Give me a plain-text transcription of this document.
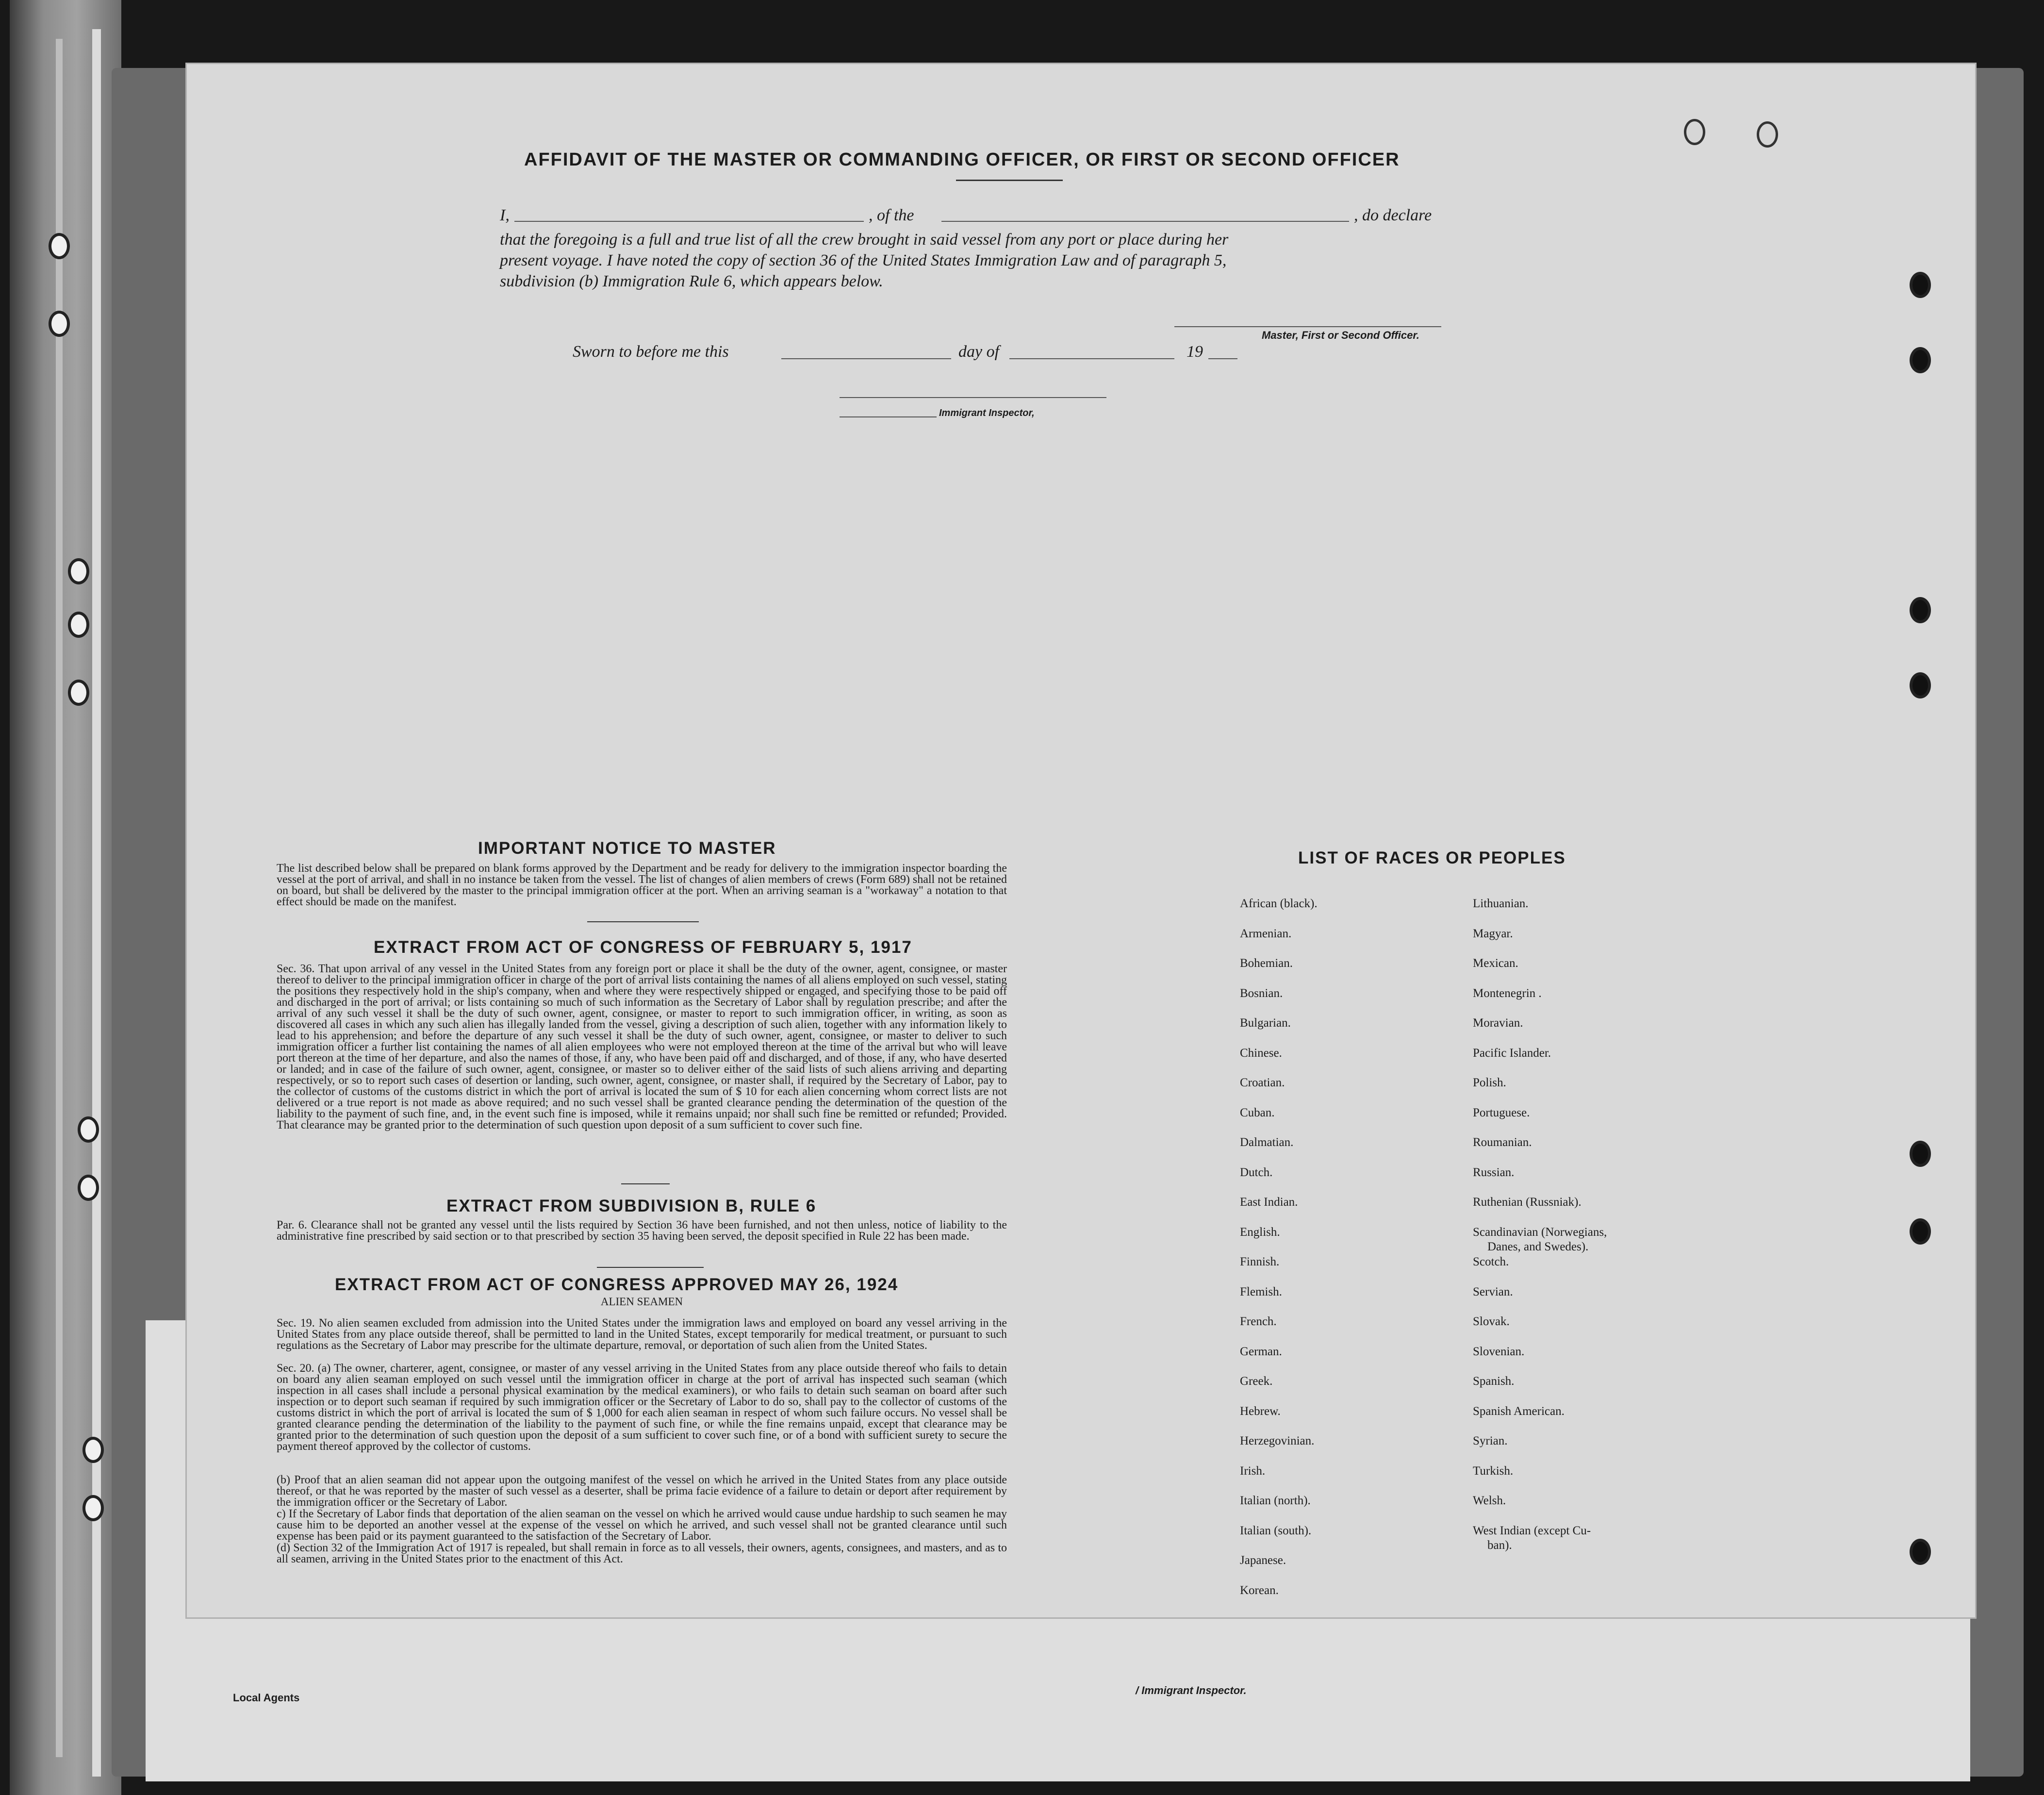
AFFIDAVIT OF THE MASTER OR COMMANDING OFFICER, OR FIRST OR SECOND OFFICER
I,	, of the	, do declare
that the foregoing is a full and true list of all the crew brought in said vessel from any port or place during her
present voyage. I have noted the copy of section 36 of the United States Immigration Law and of paragraph 5,
subdivision (b) Immigration Rule 6, which appears below.
Master, First or Second Officer.
Sworn to before me this	day of	19
Immigrant Inspector,
IMPORTANT NOTICE TO MASTER
The list described below shall be prepared on blank forms approved by the Department and be ready for delivery to the immigration inspector boarding the vessel at the port of arrival, and shall in no instance be taken from the vessel. The list of changes of alien members of crews (Form 689) shall not be retained on board, but shall be delivered by the master to the principal immigration officer at the port. When an arriving seaman is a "workaway" a notation to that effect should be made on the manifest.
EXTRACT FROM ACT OF CONGRESS OF FEBRUARY 5, 1917
Sec. 36. That upon arrival of any vessel in the United States from any foreign port or place it shall be the duty of the owner, agent, consignee, or master thereof to deliver to the principal immigration officer in charge of the port of arrival lists containing the names of all aliens employed on such vessel, stating the positions they respectively hold in the ship's company, when and where they were respectively shipped or engaged, and specifying those to be paid off and discharged in the port of arrival; or lists containing so much of such information as the Secretary of Labor shall by regulation prescribe; and after the arrival of any such vessel it shall be the duty of such owner, agent, consignee, or master to report to such immigration officer, in writing, as soon as discovered all cases in which any such alien has illegally landed from the vessel, giving a description of such alien, together with any information likely to lead to his apprehension; and before the departure of any such vessel it shall be the duty of such owner, agent, consignee, or master to deliver to such immigration officer a further list containing the names of all alien employees who were not employed thereon at the time of the arrival but who will leave port thereon at the time of her departure, and also the names of those, if any, who have been paid off and discharged, and of those, if any, who have deserted or landed; and in case of the failure of such owner, agent, consignee, or master so to deliver either of the said lists of such aliens arriving and departing respectively, or so to report such cases of desertion or landing, such owner, agent, consignee, or master shall, if required by the Secretary of Labor, pay to the collector of customs of the customs district in which the port of arrival is located the sum of $ 10 for each alien concerning whom correct lists are not delivered or a true report is not made as above required; and no such vessel shall be granted clearance pending the determination of the question of the liability to the payment of such fine, and, in the event such fine is imposed, while it remains unpaid; nor shall such fine be remitted or refunded; Provided. That clearance may be granted prior to the determination of such question upon deposit of a sum sufficient to cover such fine.
EXTRACT FROM SUBDIVISION B, RULE 6
Par. 6. Clearance shall not be granted any vessel until the lists required by Section 36 have been furnished, and not then unless, notice of liability to the administrative fine prescribed by said section or to that prescribed by section 35 having been served, the deposit specified in Rule 22 has been made.
EXTRACT FROM ACT OF CONGRESS APPROVED MAY 26, 1924
ALIEN SEAMEN
Sec. 19. No alien seamen excluded from admission into the United States under the immigration laws and employed on board any vessel arriving in the United States from any place outside thereof, shall be permitted to land in the United States, except temporarily for medical treatment, or pursuant to such regulations as the Secretary of Labor may prescribe for the ultimate departure, removal, or deportation of such alien from the United States.
Sec. 20. (a) The owner, charterer, agent, consignee, or master of any vessel arriving in the United States from any place outside thereof who fails to detain on board any alien seaman employed on such vessel until the immigration officer in charge at the port of arrival has inspected such seaman (which inspection in all cases shall include a personal physical examination by the medical examiners), or who fails to detain such seaman on board after such inspection or to deport such seaman if required by such immigration officer or the Secretary of Labor to do so, shall pay to the collector of customs of the customs district in which the port of arrival is located the sum of $ 1,000 for each alien seaman in respect of whom such failure occurs. No vessel shall be granted clearance pending the determination of the liability to the payment of such fine, or while the fine remains unpaid, except that clearance may be granted prior to the determination of such question upon the deposit of a sum sufficient to cover such fine, or of a bond with sufficient surety to secure the payment thereof approved by the collector of customs.
(b) Proof that an alien seaman did not appear upon the outgoing manifest of the vessel on which he arrived in the United States from any place outside thereof, or that he was reported by the master of such vessel as a deserter, shall be prima facie evidence of a failure to detain or deport after requirement by the immigration officer or the Secretary of Labor.
c) If the Secretary of Labor finds that deportation of the alien seaman on the vessel on which he arrived would cause undue hardship to such seamen he may cause him to be deported an another vessel at the expense of the vessel on which he arrived, and such vessel shall not be granted clearance until such expense has been paid or its payment guaranteed to the satisfaction of the Secretary of Labor.
(d) Section 32 of the Immigration Act of 1917 is repealed, but shall remain in force as to all vessels, their owners, agents, consignees, and masters, and as to all seamen, arriving in the United States prior to the enactment of this Act.
LIST OF RACES OR PEOPLES
Local Agents
/ Immigrant Inspector.
African (black).
Armenian.
Bohemian.
Bosnian.
Bulgarian.
Chinese.
Croatian.
Cuban.
Dalmatian.
Dutch.
East Indian.
English.
Finnish.
Flemish.
French.
German.
Greek.
Hebrew.
Herzegovinian.
Irish.
Italian (north).
Italian (south).
Japanese.
Korean.
Lithuanian.
Magyar.
Mexican.
Montenegrin .
Moravian.
Pacific Islander.
Polish.
Portuguese.
Roumanian.
Russian.
Ruthenian (Russniak).
Scandinavian (Norwegians,
Danes, and Swedes).
Scotch.
Servian.
Slovak.
Slovenian.
Spanish.
Spanish American.
Syrian.
Turkish.
Welsh.
West Indian (except Cu-
ban).
